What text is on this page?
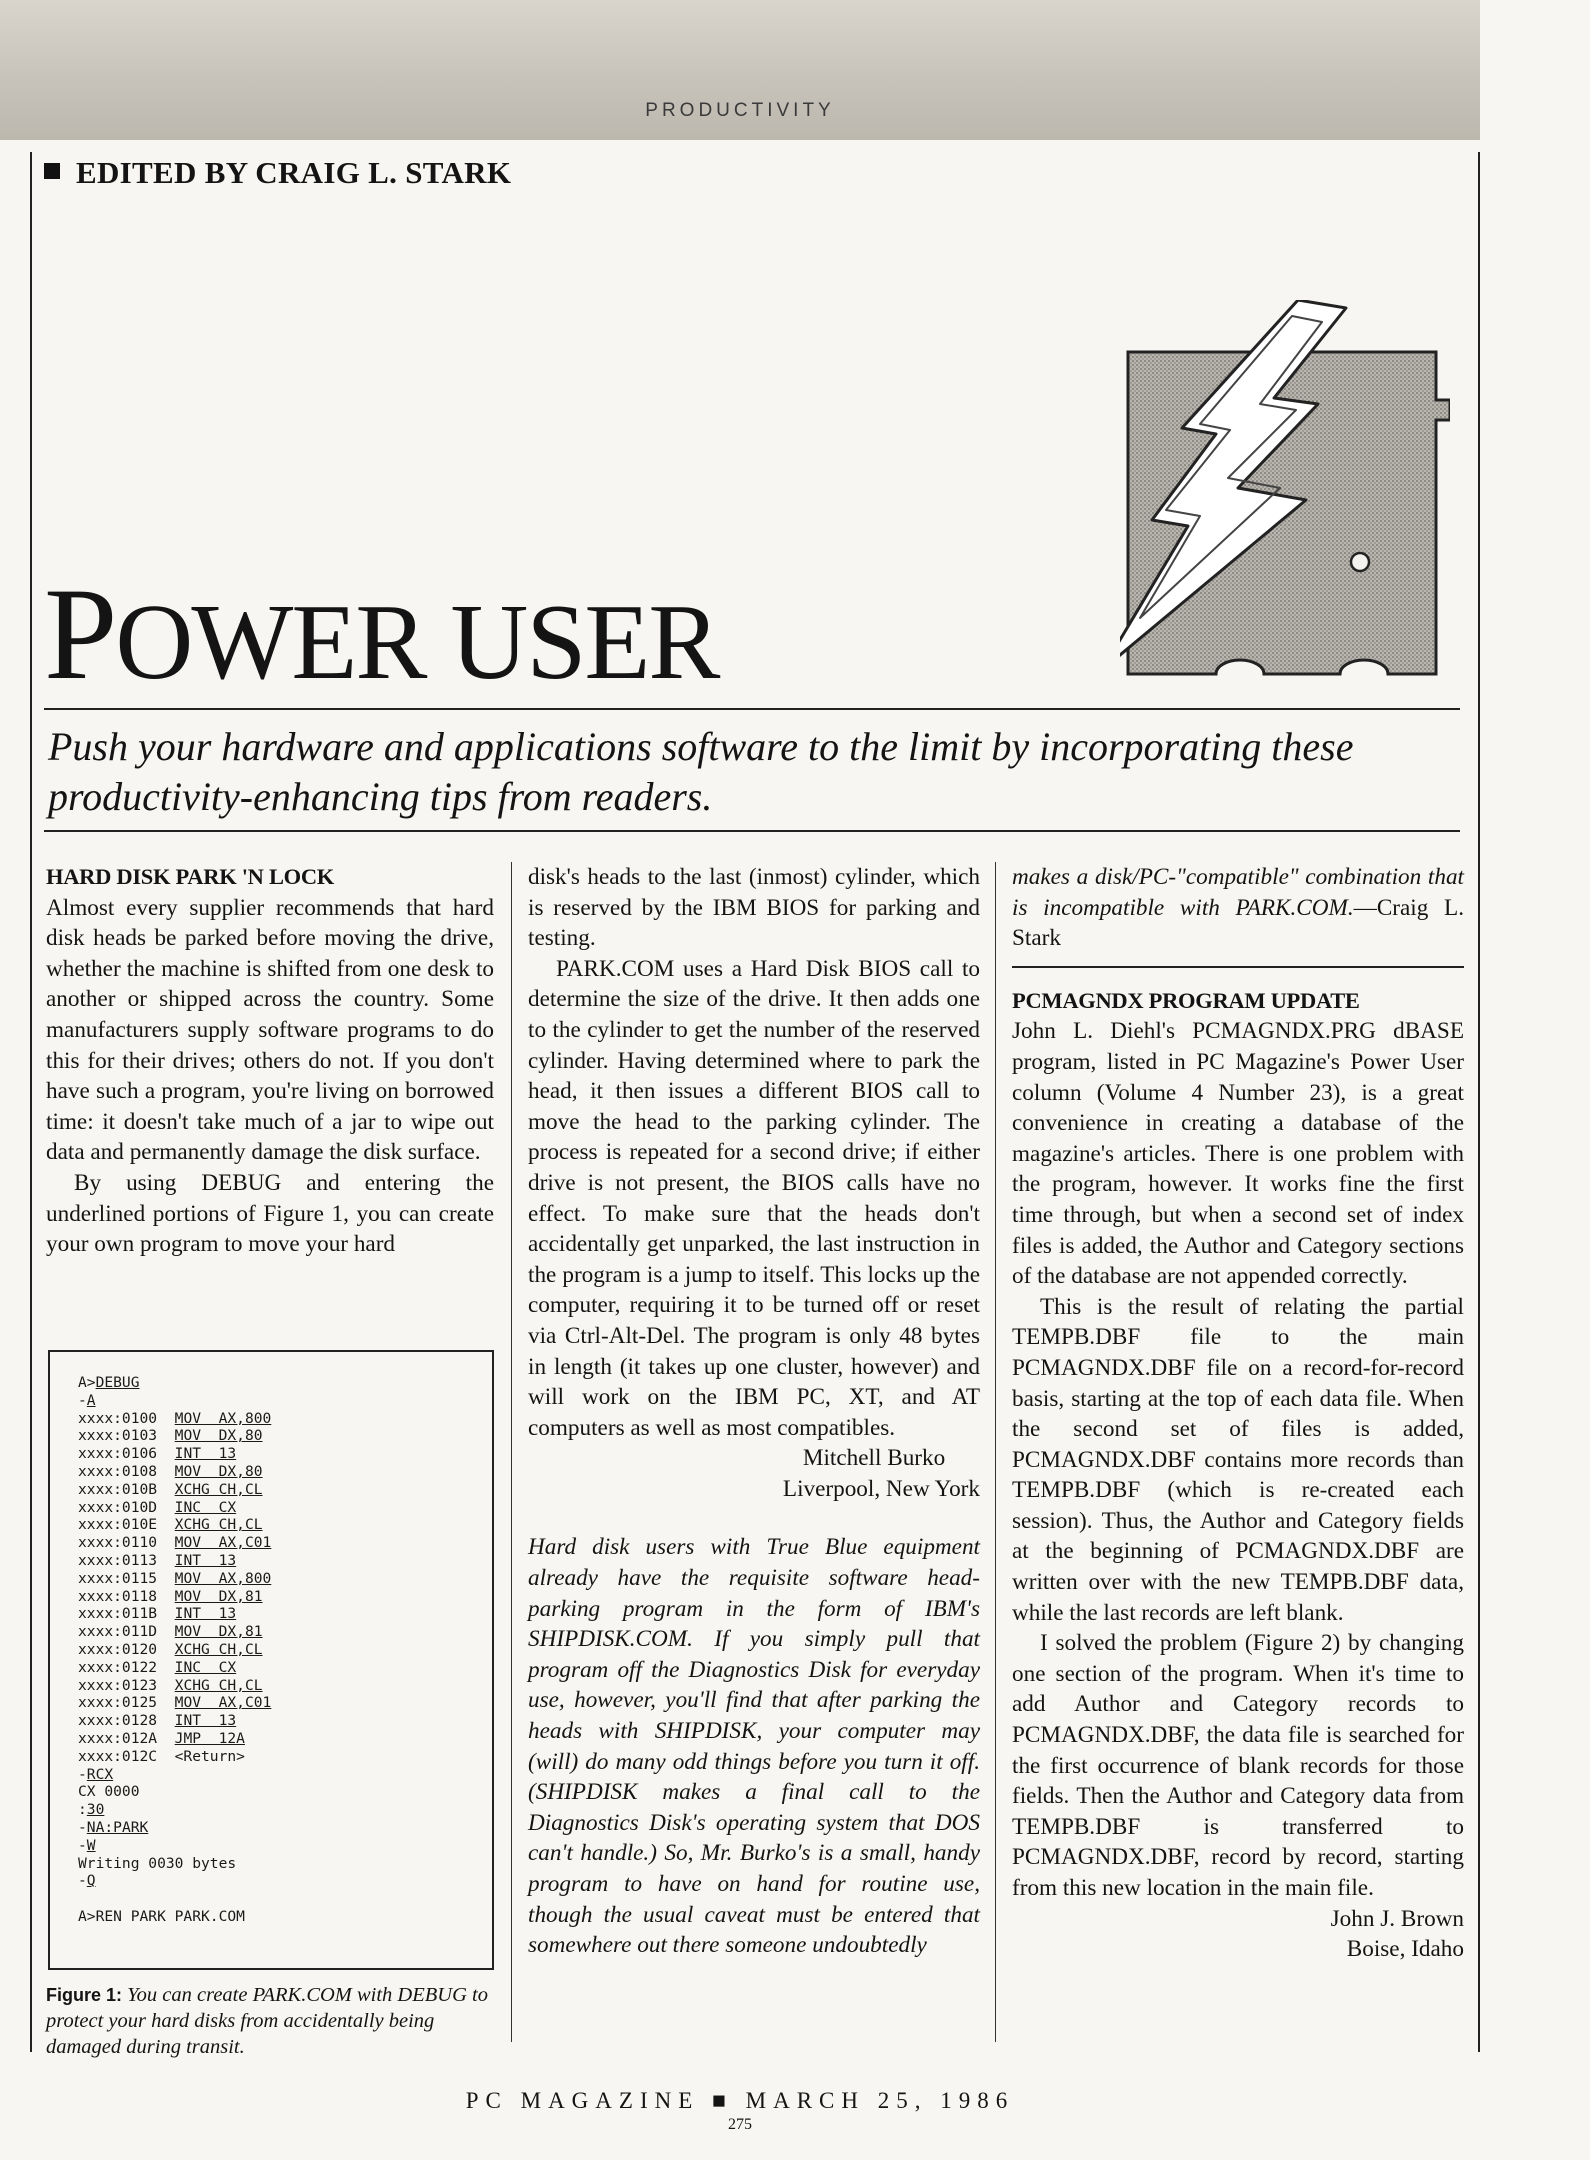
PRODUCTIVITY
EDITED BY CRAIG L. STARK
POWER USER
Push your hardware and applications software to the limit by incorporating these productivity-enhancing tips from readers.

HARD DISK PARK 'N LOCK

Almost every supplier recommends that hard disk heads be parked before moving the drive, whether the machine is shifted from one desk to another or shipped across the country. Some manufacturers supply software programs to do this for their drives; others do not. If you don't have such a program, you're living on borrowed time: it doesn't take much of a jar to wipe out data and permanently damage the disk surface.

By using DEBUG and entering the underlined portions of Figure 1, you can create your own program to move your hard

A>DEBUG
-A
xxxx:0100  MOV  AX,800
xxxx:0103  MOV  DX,80
xxxx:0106  INT  13
xxxx:0108  MOV  DX,80
xxxx:010B  XCHG CH,CL
xxxx:010D  INC  CX
xxxx:010E  XCHG CH,CL
xxxx:0110  MOV  AX,C01
xxxx:0113  INT  13
xxxx:0115  MOV  AX,800
xxxx:0118  MOV  DX,81
xxxx:011B  INT  13
xxxx:011D  MOV  DX,81
xxxx:0120  XCHG CH,CL
xxxx:0122  INC  CX
xxxx:0123  XCHG CH,CL
xxxx:0125  MOV  AX,C01
xxxx:0128  INT  13
xxxx:012A  JMP  12A
xxxx:012C  <Return>
-RCX
CX 0000
:30
-NA:PARK
-W
Writing 0030 bytes
-Q

A>REN PARK PARK.COM
Figure 1: You can create PARK.COM with DEBUG to protect your hard disks from accidentally being damaged during transit.

disk's heads to the last (inmost) cylinder, which is reserved by the IBM BIOS for parking and testing.

PARK.COM uses a Hard Disk BIOS call to determine the size of the drive. It then adds one to the cylinder to get the number of the reserved cylinder. Having determined where to park the head, it then issues a different BIOS call to move the head to the parking cylinder. The process is repeated for a second drive; if either drive is not present, the BIOS calls have no effect. To make sure that the heads don't accidentally get unparked, the last instruction in the program is a jump to itself. This locks up the computer, requiring it to be turned off or reset via Ctrl-Alt-Del. The program is only 48 bytes in length (it takes up one cluster, however) and will work on the IBM PC, XT, and AT computers as well as most compatibles.

Mitchell Burko

Liverpool, New York

Hard disk users with True Blue equipment already have the requisite software head-parking program in the form of IBM's SHIPDISK.COM. If you simply pull that program off the Diagnostics Disk for everyday use, however, you'll find that after parking the heads with SHIPDISK, your computer may (will) do many odd things before you turn it off. (SHIPDISK makes a final call to the Diagnostics Disk's operating system that DOS can't handle.) So, Mr. Burko's is a small, handy program to have on hand for routine use, though the usual caveat must be entered that somewhere out there someone undoubtedly

makes a disk/PC-"compatible" combination that is incompatible with PARK.COM.—Craig L. Stark

PCMAGNDX PROGRAM UPDATE

John L. Diehl's PCMAGNDX.PRG dBASE program, listed in PC Magazine's Power User column (Volume 4 Number 23), is a great convenience in creating a database of the magazine's articles. There is one problem with the program, however. It works fine the first time through, but when a second set of index files is added, the Author and Category sections of the database are not appended correctly.

This is the result of relating the partial TEMPB.DBF file to the main PCMAGNDX.DBF file on a record-for-record basis, starting at the top of each data file. When the second set of files is added, PCMAGNDX.DBF contains more records than TEMPB.DBF (which is re-created each session). Thus, the Author and Category fields at the beginning of PCMAGNDX.DBF are written over with the new TEMPB.DBF data, while the last records are left blank.

I solved the problem (Figure 2) by changing one section of the program. When it's time to add Author and Category records to PCMAGNDX.DBF, the data file is searched for the first occurrence of blank records for those fields. Then the Author and Category data from TEMPB.DBF is transferred to PCMAGNDX.DBF, record by record, starting from this new location in the main file.

John J. Brown

Boise, Idaho

PC MAGAZINE ■ MARCH 25, 1986
275
